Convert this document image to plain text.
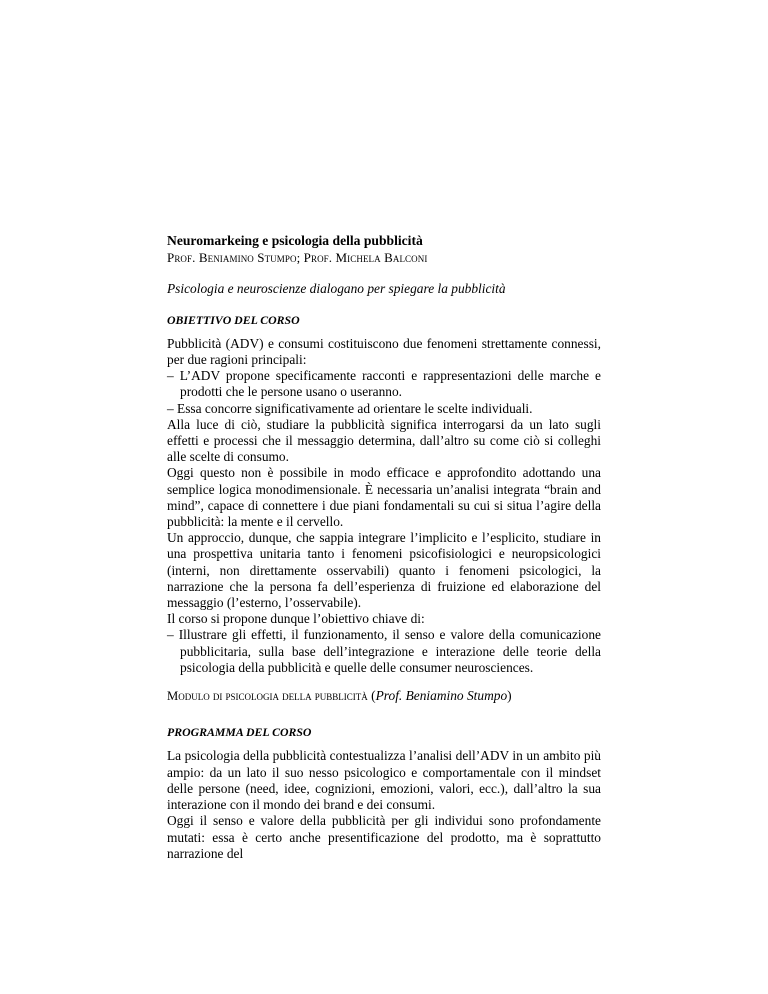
Neuromarkeing e psicologia della pubblicità

Prof. Beniamino Stumpo; Prof. Michela Balconi

Psicologia e neuroscienze dialogano per spiegare la pubblicità

OBIETTIVO DEL CORSO

Pubblicità (ADV) e consumi costituiscono due fenomeni strettamente connessi, per due ragioni principali:

– L’ADV propone specificamente racconti e rappresentazioni delle marche e prodotti che le persone usano o useranno.

– Essa concorre significativamente ad orientare le scelte individuali.

Alla luce di ciò, studiare la pubblicità significa interrogarsi da un lato sugli effetti e processi che il messaggio determina, dall’altro su come ciò si colleghi alle scelte di consumo.

Oggi questo non è possibile in modo efficace e approfondito adottando una semplice logica monodimensionale. È necessaria un’analisi integrata “brain and mind”, capace di connettere i due piani fondamentali su cui si situa l’agire della pubblicità: la mente e il cervello.

Un approccio, dunque, che sappia integrare l’implicito e l’esplicito, studiare in una prospettiva unitaria tanto i fenomeni psicofisiologici e neuropsicologici (interni, non direttamente osservabili) quanto i fenomeni psicologici, la narrazione che la persona fa dell’esperienza di fruizione ed elaborazione del messaggio (l’esterno, l’osservabile).

Il corso si propone dunque l’obiettivo chiave di:

– Illustrare gli effetti, il funzionamento, il senso e valore della comunicazione pubblicitaria, sulla base dell’integrazione e interazione delle teorie della psicologia della pubblicità e quelle delle consumer neurosciences.

Modulo di psicologia della pubblicità (Prof. Beniamino Stumpo)

PROGRAMMA DEL CORSO

La psicologia della pubblicità contestualizza l’analisi dell’ADV in un ambito più ampio: da un lato il suo nesso psicologico e comportamentale con il mindset delle persone (need, idee, cognizioni, emozioni, valori, ecc.), dall’altro la sua interazione con il mondo dei brand e dei consumi.

Oggi il senso e valore della pubblicità per gli individui sono profondamente mutati: essa è certo anche presentificazione del prodotto, ma è soprattutto narrazione del
